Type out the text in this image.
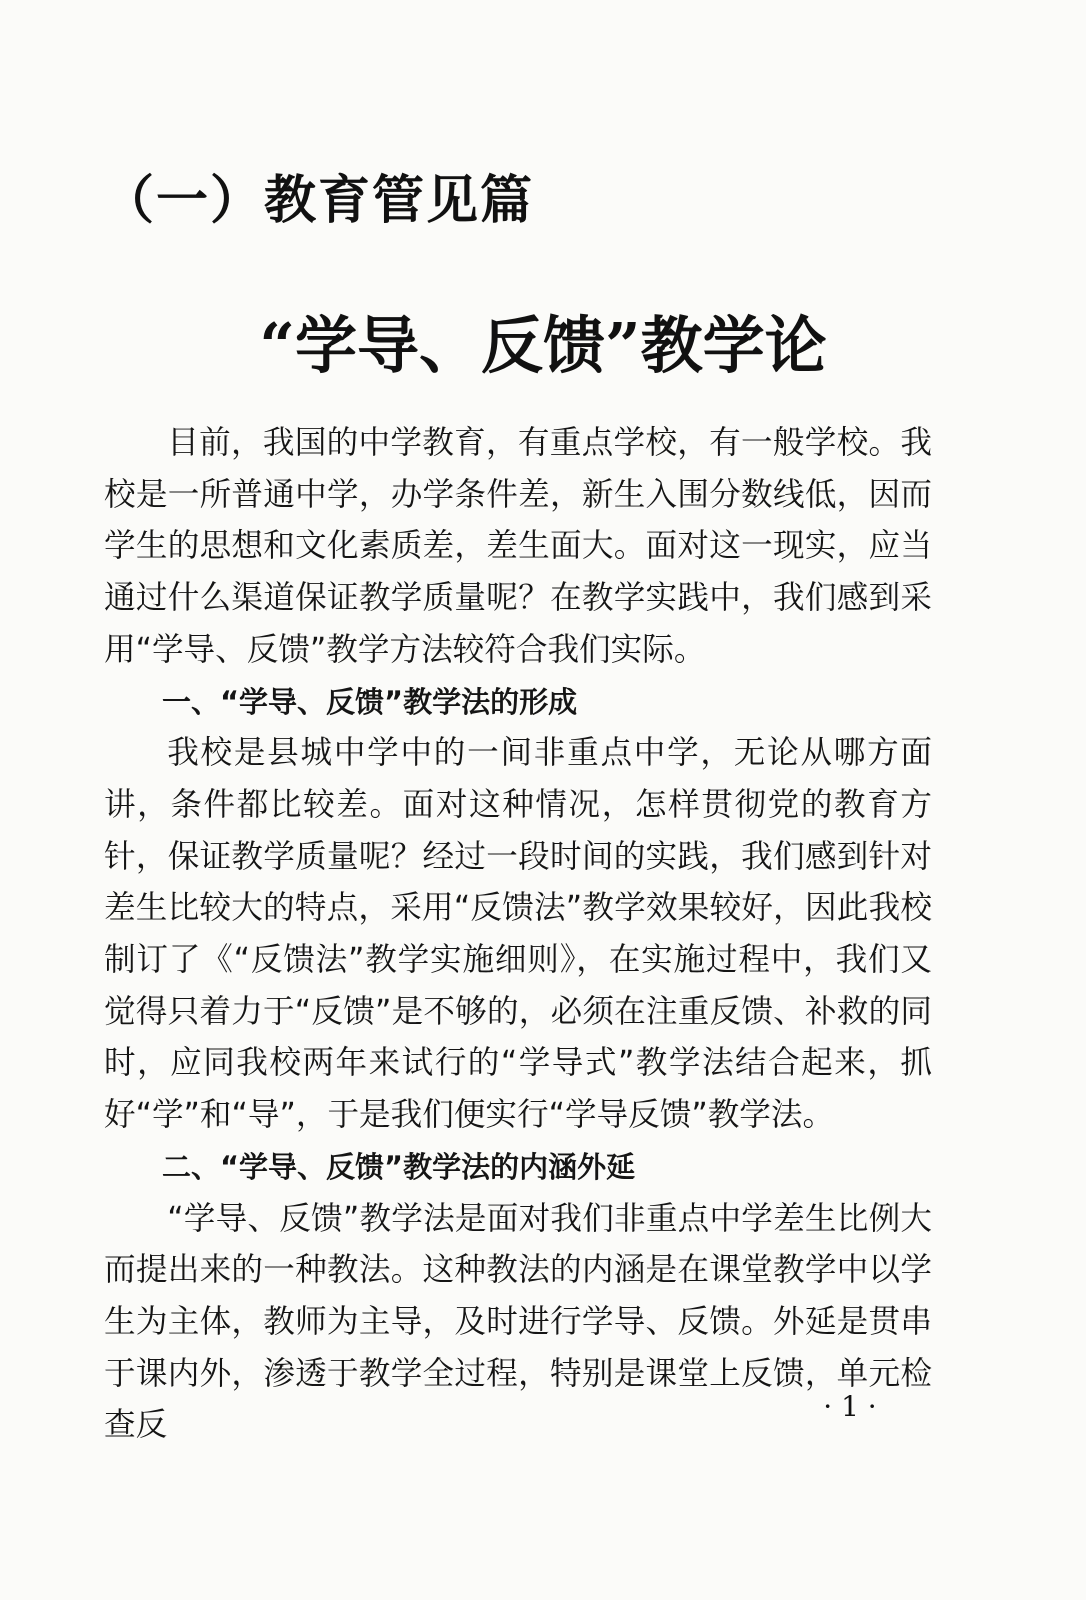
（一）教育管见篇
“学导、反馈”教学论

目前，我国的中学教育，有重点学校，有一般学校。我校是一所普通中学，办学条件差，新生入围分数线低，因而学生的思想和文化素质差，差生面大。面对这一现实，应当通过什么渠道保证教学质量呢？在教学实践中，我们感到采用“学导、反馈”教学方法较符合我们实际。

一、“学导、反馈”教学法的形成

我校是县城中学中的一间非重点中学，无论从哪方面讲，条件都比较差。面对这种情况，怎样贯彻党的教育方针，保证教学质量呢？经过一段时间的实践，我们感到针对差生比较大的特点，采用“反馈法”教学效果较好，因此我校制订了《“反馈法”教学实施细则》，在实施过程中，我们又觉得只着力于“反馈”是不够的，必须在注重反馈、补救的同时，应同我校两年来试行的“学导式”教学法结合起来，抓好“学”和“导”，于是我们便实行“学导反馈”教学法。

二、“学导、反馈”教学法的内涵外延

“学导、反馈”教学法是面对我们非重点中学差生比例大而提出来的一种教法。这种教法的内涵是在课堂教学中以学生为主体，教师为主导，及时进行学导、反馈。外延是贯串于课内外，渗透于教学全过程，特别是课堂上反馈，单元检查反

· 1 ·
